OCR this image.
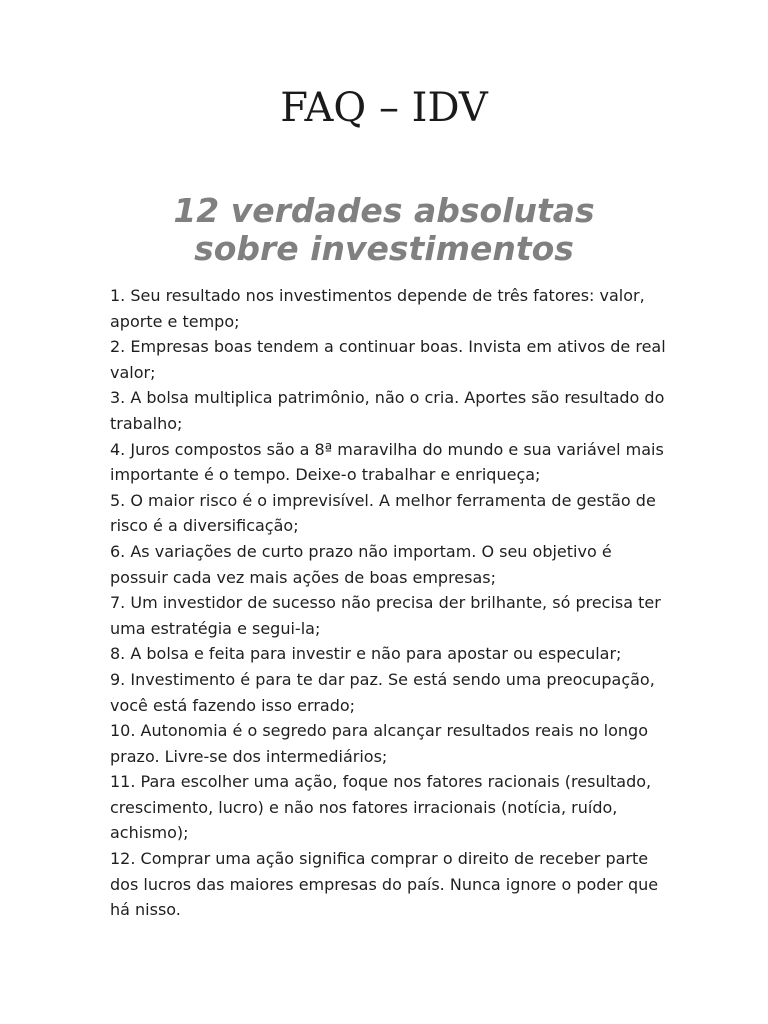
FAQ – IDV
12 verdades absolutas
sobre investimentos
1. Seu resultado nos investimentos depende de três fatores: valor, aporte e tempo;
2. Empresas boas tendem a continuar boas. Invista em ativos de real valor;
3. A bolsa multiplica patrimônio, não o cria. Aportes são resultado do trabalho;
4. Juros compostos são a 8ª maravilha do mundo e sua variável mais importante é o tempo. Deixe-o trabalhar e enriqueça;
5. O maior risco é o imprevisível. A melhor ferramenta de gestão de risco é a diversificação;
6. As variações de curto prazo não importam. O seu objetivo é possuir cada vez mais ações de boas empresas;
7. Um investidor de sucesso não precisa der brilhante, só precisa ter uma estratégia e segui-la;
8. A bolsa e feita para investir e não para apostar ou especular;
9. Investimento é para te dar paz. Se está sendo uma preocupação, você está fazendo isso errado;
10. Autonomia é o segredo para alcançar resultados reais no longo prazo. Livre-se dos intermediários;
11. Para escolher uma ação, foque nos fatores racionais (resultado, crescimento, lucro) e não nos fatores irracionais (notícia, ruído, achismo);
12. Comprar uma ação significa comprar o direito de receber parte dos lucros das maiores empresas do país. Nunca ignore o poder que há nisso.
